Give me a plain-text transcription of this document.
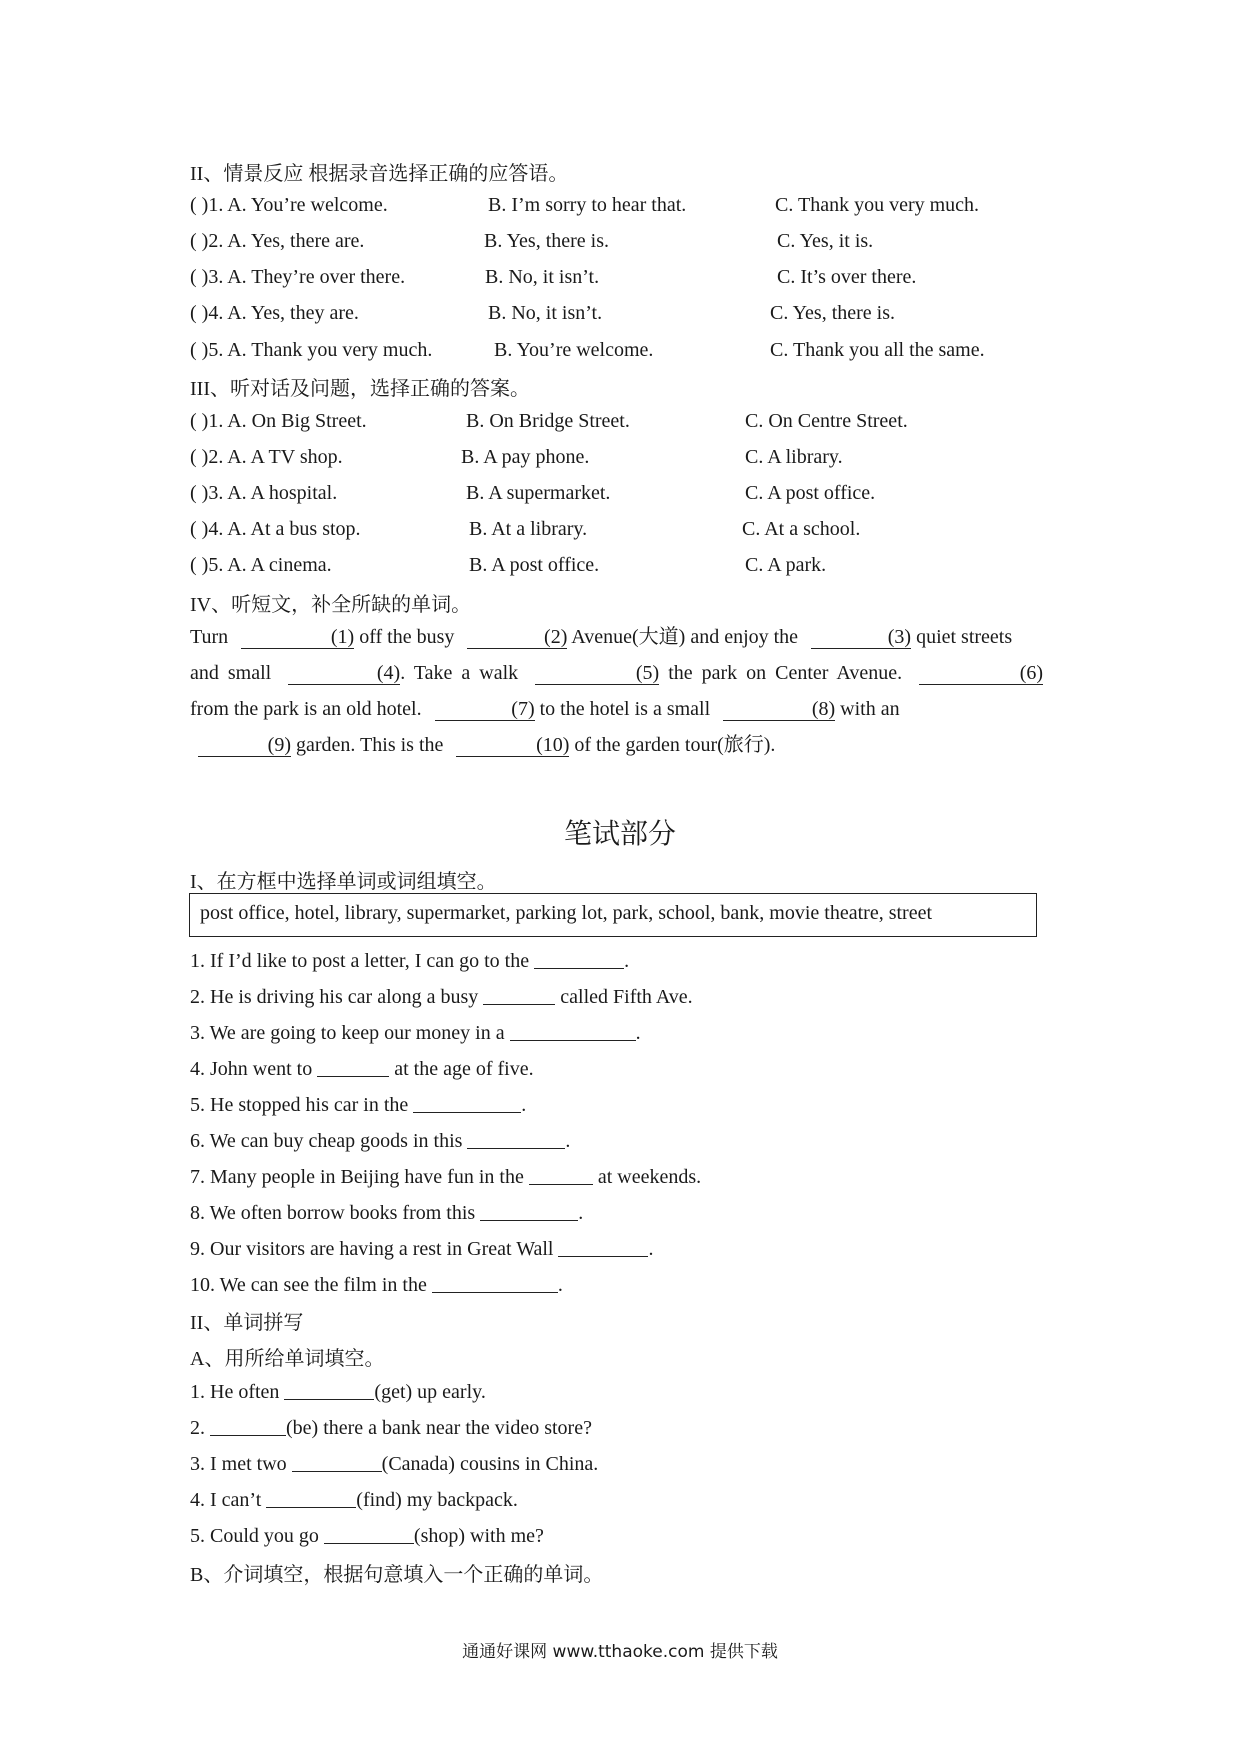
II、情景反应 根据录音选择正确的应答语。
( )1. A. You’re welcome.	B. I’m sorry to hear that.	C. Thank you very much.
( )2. A. Yes, there are.	B. Yes, there is.	C. Yes, it is.
( )3. A. They’re over there.	B. No, it isn’t.	C. It’s over there.
( )4. A. Yes, they are.	B. No, it isn’t.	C. Yes, there is.
( )5. A. Thank you very much.	B. You’re welcome.	C. Thank you all the same.
III、听对话及问题，选择正确的答案。
( )1. A. On Big Street.	B. On Bridge Street.	C. On Centre Street.
( )2. A. A TV shop.	B. A pay phone.	C. A library.
( )3. A. A hospital.	B. A supermarket.	C. A post office.
( )4. A. At a bus stop.	B. At a library.	C. At a school.
( )5. A. A cinema.	B. A post office.	C. A park.
IV、听短文，补全所缺的单词。
Turn	(1) off the busy	(2) Avenue(大道) and enjoy the	(3) quiet streets
and small	(4). Take a walk	(5) the park on Center Avenue.	(6)
from the park is an old hotel.	(7) to the hotel is a small	(8) with an
(9) garden. This is the	(10) of the garden tour(旅行).
笔试部分
I、在方框中选择单词或词组填空。
post office, hotel, library, supermarket, parking lot, park, school, bank, movie theatre, street
1. If I’d like to post a letter, I can go to the	.
2. He is driving his car along a busy	called Fifth Ave.
3. We are going to keep our money in a	.
4. John went to	at the age of five.
5. He stopped his car in the	.
6. We can buy cheap goods in this	.
7. Many people in Beijing have fun in the	at weekends.
8. We often borrow books from this	.
9. Our visitors are having a rest in Great Wall	.
10. We can see the film in the	.
II、单词拼写
A、用所给单词填空。
1. He often	(get) up early.
2.	(be) there a bank near the video store?
3. I met two	(Canada) cousins in China.
4. I can’t	(find) my backpack.
5. Could you go	(shop) with me?
B、介词填空，根据句意填入一个正确的单词。
通通好课网 www.tthaoke.com 提供下载
